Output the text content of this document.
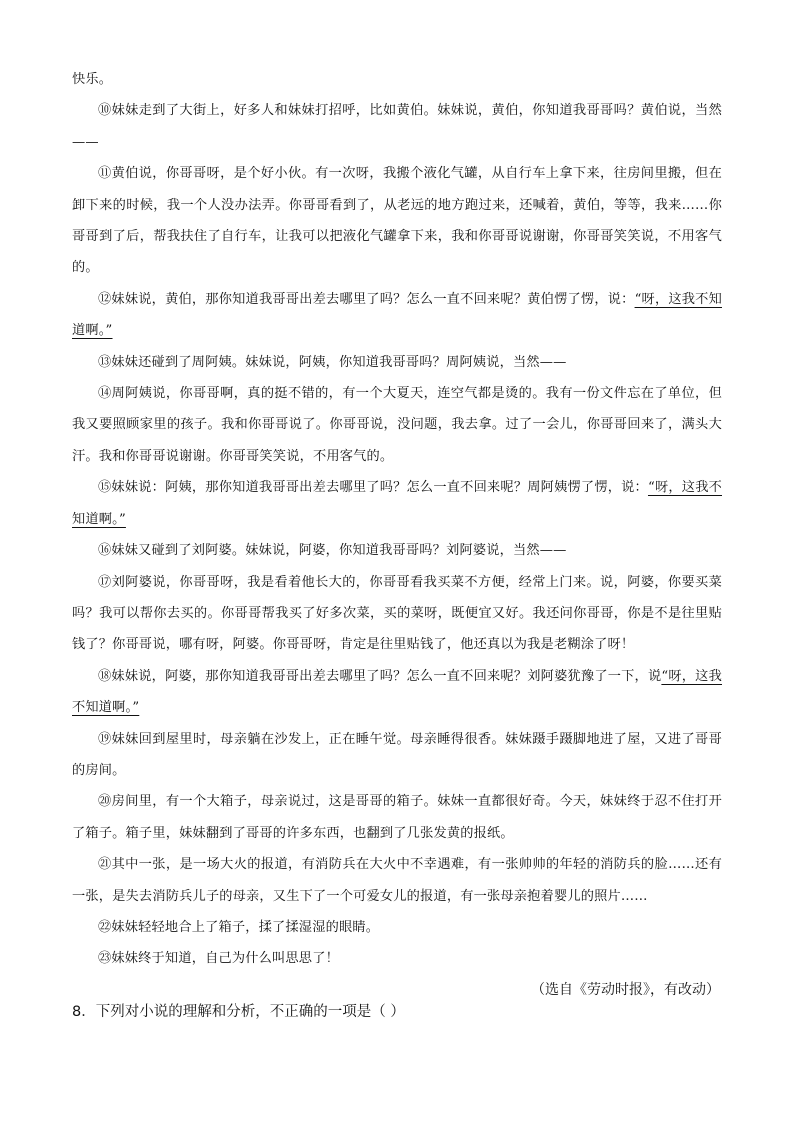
快乐。

⑩妹妹走到了大街上，好多人和妹妹打招呼，比如黄伯。妹妹说，黄伯，你知道我哥哥吗？黄伯说，当然——

⑪黄伯说，你哥哥呀，是个好小伙。有一次呀，我搬个液化气罐，从自行车上拿下来，往房间里搬，但在卸下来的时候，我一个人没办法弄。你哥哥看到了，从老远的地方跑过来，还喊着，黄伯，等等，我来……你哥哥到了后，帮我扶住了自行车，让我可以把液化气罐拿下来，我和你哥哥说谢谢，你哥哥笑笑说，不用客气的。

⑫妹妹说，黄伯，那你知道我哥哥出差去哪里了吗？怎么一直不回来呢？黄伯愣了愣，说：“呀，这我不知道啊。”

⑬妹妹还碰到了周阿姨。妹妹说，阿姨，你知道我哥哥吗？周阿姨说，当然——

⑭周阿姨说，你哥哥啊，真的挺不错的，有一个大夏天，连空气都是烫的。我有一份文件忘在了单位，但我又要照顾家里的孩子。我和你哥哥说了。你哥哥说，没问题，我去拿。过了一会儿，你哥哥回来了，满头大汗。我和你哥哥说谢谢。你哥哥笑笑说，不用客气的。

⑮妹妹说：阿姨，那你知道我哥哥出差去哪里了吗？怎么一直不回来呢？周阿姨愣了愣，说：“呀，这我不知道啊。”

⑯妹妹又碰到了刘阿婆。妹妹说，阿婆，你知道我哥哥吗？刘阿婆说，当然——

⑰刘阿婆说，你哥哥呀，我是看着他长大的，你哥哥看我买菜不方便，经常上门来。说，阿婆，你要买菜吗？我可以帮你去买的。你哥哥帮我买了好多次菜，买的菜呀，既便宜又好。我还问你哥哥，你是不是往里贴钱了？你哥哥说，哪有呀，阿婆。你哥哥呀，肯定是往里贴钱了，他还真以为我是老糊涂了呀！

⑱妹妹说，阿婆，那你知道我哥哥出差去哪里了吗？怎么一直不回来呢？刘阿婆犹豫了一下，说“呀，这我不知道啊。”

⑲妹妹回到屋里时，母亲躺在沙发上，正在睡午觉。母亲睡得很香。妹妹蹑手蹑脚地进了屋，又进了哥哥的房间。

⑳房间里，有一个大箱子，母亲说过，这是哥哥的箱子。妹妹一直都很好奇。今天，妹妹终于忍不住打开了箱子。箱子里，妹妹翻到了哥哥的许多东西，也翻到了几张发黄的报纸。

㉑其中一张，是一场大火的报道，有消防兵在大火中不幸遇难，有一张帅帅的年轻的消防兵的脸……还有一张，是失去消防兵儿子的母亲，又生下了一个可爱女儿的报道，有一张母亲抱着婴儿的照片……

㉒妹妹轻轻地合上了箱子，揉了揉湿湿的眼睛。

㉓妹妹终于知道，自己为什么叫思思了！

（选自《劳动时报》，有改动）

8．下列对小说的理解和分析，不正确的一项是（ ）
